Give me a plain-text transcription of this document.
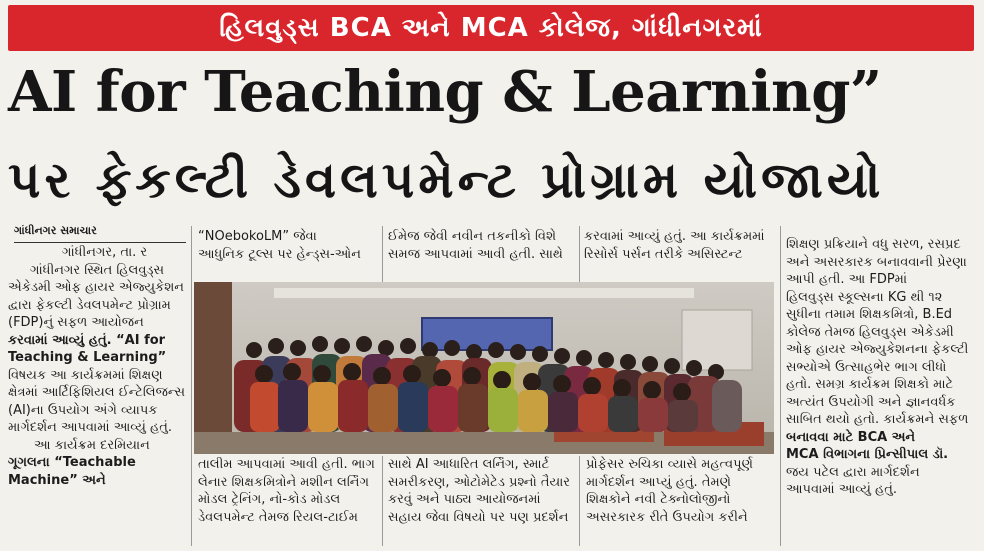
હિલવુડ્સ BCA અને MCA કોલેજ, ગાંધીનગરમાં
AI for Teaching & Learning”
પર ફેકલ્ટી ડેવલપમેન્ટ પ્રોગ્રામ યોજાયો
ગાંધીનગર સમાચાર

ગાંધીનગર, તા. ર

ગાંધીનગર સ્થિત હિલવુડ્સ

એકેડમી ઓફ હાયર એજ્યુકેશન

દ્વારા ફેકલ્ટી ડેવલપમેન્ટ પ્રોગ્રામ

(FDP)નું સફળ આયોજન

કરવામાં આવ્યું હતું. “AI for

Teaching & Learning”

વિષયક આ કાર્યક્રમમાં શિક્ષણ

ક્ષેત્રમાં આર્ટિફિશિયલ ઈન્ટેલિજન્સ

(AI)ના ઉપયોગ અંગે વ્યાપક

માર્ગદર્શન આપવામાં આવ્યું હતું.

આ કાર્યક્રમ દરમિયાન

ગૂગલના “Teachable

Machine” અને

“NOebokoLM” જેવા

આધુનિક ટૂલ્સ પર હેન્ડ્સ-ઓન

ઈમેજ જેવી નવીન તકનીકો વિશે

સમજ આપવામાં આવી હતી. સાથે

કરવામાં આવ્યું હતું. આ કાર્યક્રમમાં

રિસોર્સ પર્સન તરીકે અસિસ્ટન્ટ

તાલીમ આપવામાં આવી હતી. ભાગ

લેનાર શિક્ષકમિત્રોને મશીન લર્નિંગ

મોડલ ટ્રેનિંગ, નો-કોડ મોડલ

ડેવલપમેન્ટ તેમજ રિયલ-ટાઈમ

સાથે AI આધારિત લર્નિંગ, સ્માર્ટ

સમરીકરણ, ઓટોમેટેડ પ્રશ્નો તૈયાર

કરવું અને પાઠ્ય આયોજનમાં

સહાય જેવા વિષયો પર પણ પ્રદર્શન

પ્રોફેસર રુચિકા વ્યાસે મહત્વપૂર્ણ

માર્ગદર્શન આપ્યું હતું. તેમણે

શિક્ષકોને નવી ટેક્નોલોજીનો

અસરકારક રીતે ઉપયોગ કરીને

શિક્ષણ પ્રક્રિયાને વધુ સરળ, રસપ્રદ

અને અસરકારક બનાવવાની પ્રેરણા

આપી હતી. આ FDPમાં

હિલવુડ્સ સ્કૂલ્સના KG થી ૧૨

સુધીના તમામ શિક્ષકમિત્રો, B.Ed

કોલેજ તેમજ હિલવુડ્સ એકેડમી

ઓફ હાયર એજ્યુકેશનના ફેકલ્ટી

સભ્યોએ ઉત્સાહભેર ભાગ લીધો

હતો. સમગ્ર કાર્યક્રમ શિક્ષકો માટે

અત્યંત ઉપયોગી અને જ્ઞાનવર્ધક

સાબિત થયો હતો. કાર્યક્રમને સફળ

બનાવવા માટે BCA અને

MCA વિભાગના પ્રિન્સીપાલ ડૉ.

જય પટેલ દ્વારા માર્ગદર્શન

આપવામાં આવ્યું હતું.
